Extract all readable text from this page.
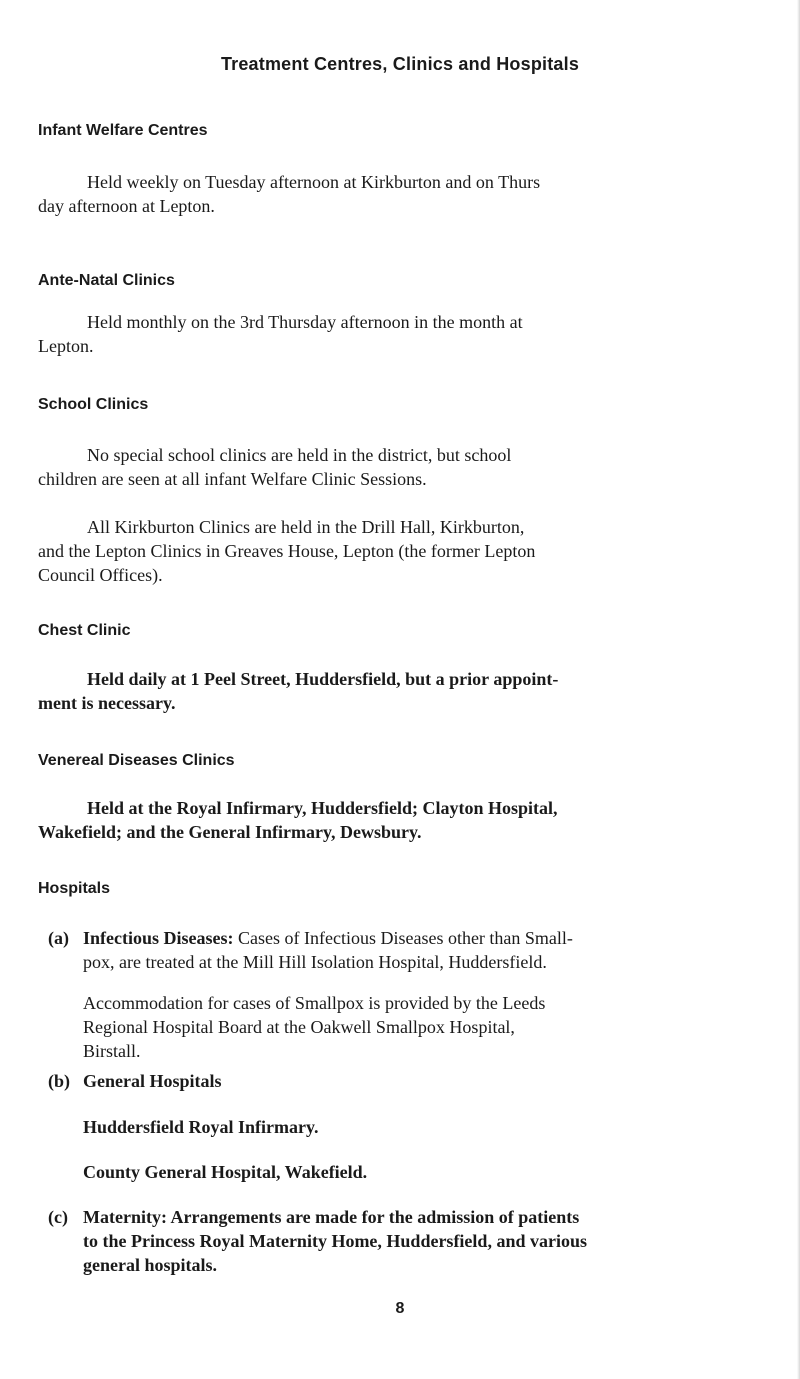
Treatment Centres, Clinics and Hospitals
Infant Welfare Centres
Held weekly on Tuesday afternoon at Kirkburton and on Thurs
day afternoon at Lepton.
Ante-Natal Clinics
Held monthly on the 3rd Thursday afternoon in the month at
Lepton.
School Clinics
No special school clinics are held in the district, but school
children are seen at all infant Welfare Clinic Sessions.
All Kirkburton Clinics are held in the Drill Hall, Kirkburton,
and the Lepton Clinics in Greaves House, Lepton (the former Lepton
Council Offices).
Chest Clinic
Held daily at 1 Peel Street, Huddersfield, but a prior appoint-
ment is necessary.
Venereal Diseases Clinics
Held at the Royal Infirmary, Huddersfield; Clayton Hospital,
Wakefield; and the General Infirmary, Dewsbury.
Hospitals
(a) Infectious Diseases: Cases of Infectious Diseases other than Small-
pox, are treated at the Mill Hill Isolation Hospital, Huddersfield.
Accommodation for cases of Smallpox is provided by the Leeds
Regional Hospital Board at the Oakwell Smallpox Hospital,
Birstall.
(b) General Hospitals
Huddersfield Royal Infirmary.
County General Hospital, Wakefield.
(c) Maternity: Arrangements are made for the admission of patients
to the Princess Royal Maternity Home, Huddersfield, and various
general hospitals.
8
